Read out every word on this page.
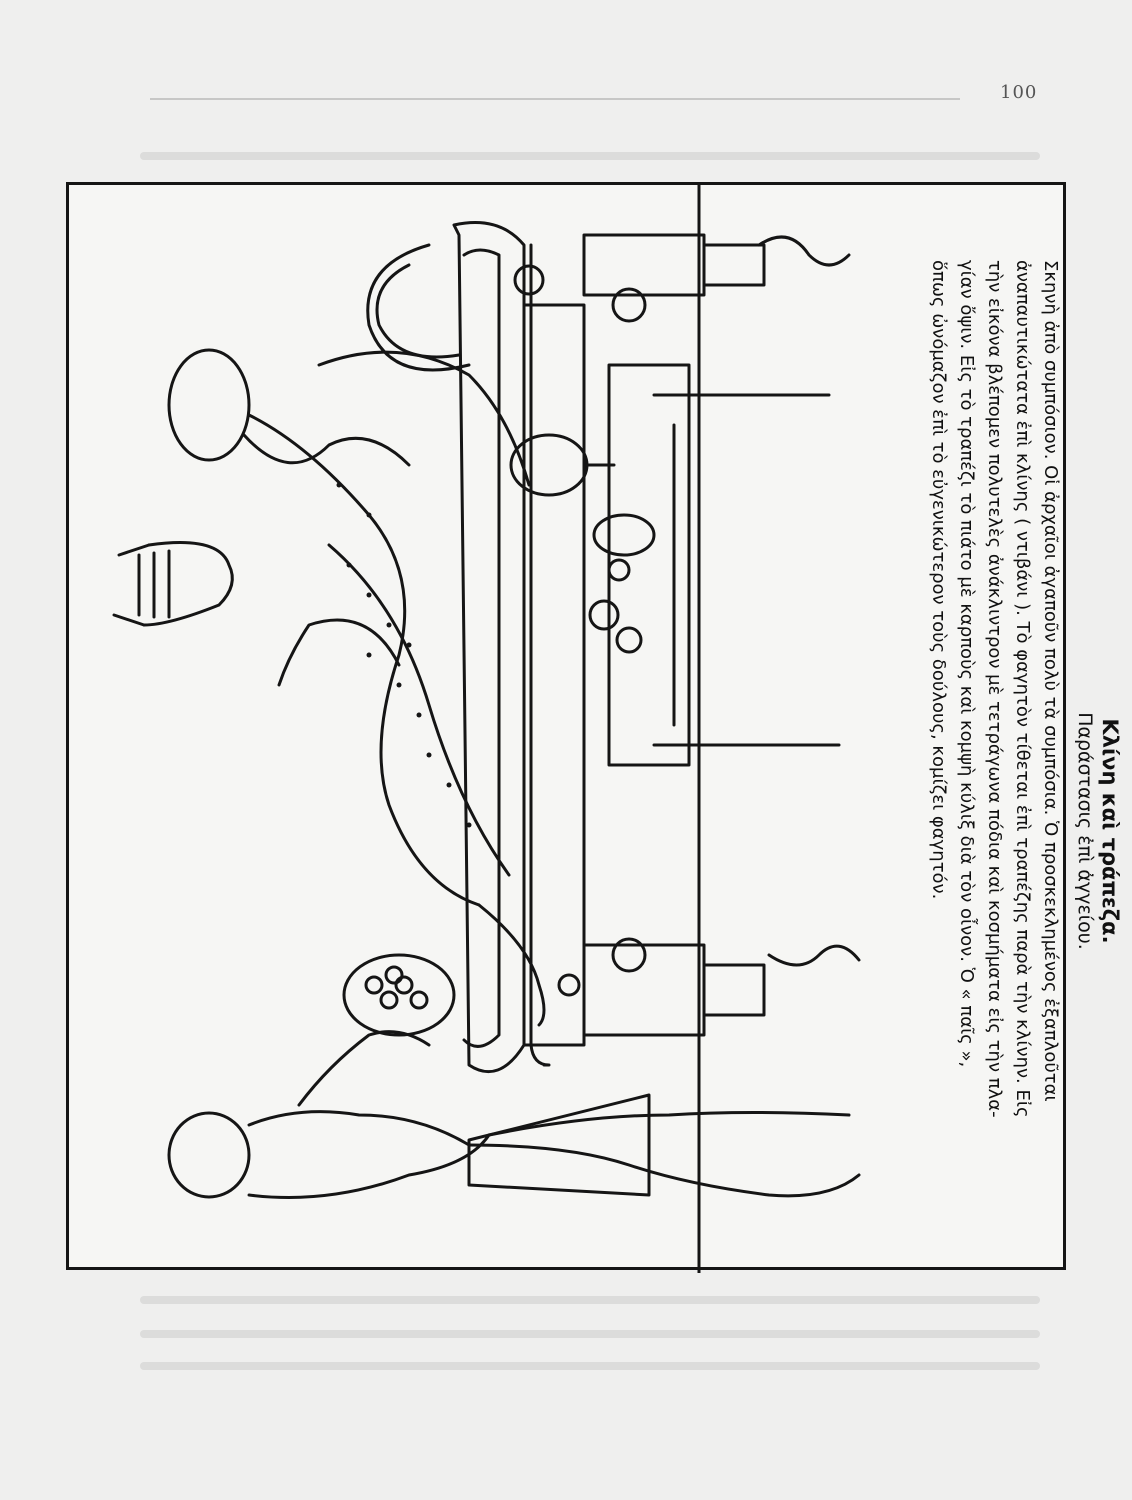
100
Κλίνη καὶ τράπεζα.
Παράστασις ἐπὶ ἀγγείου.

Σκηνὴ ἀπὸ συμπόσιον. Οἱ ἀρχαῖοι ἀγαποῦν πολὺ τὰ συμπόσια. Ὁ προσκεκλημένος ἐξαπλοῦται
ἀναπαυτικώτατα ἐπὶ κλίνης ( ντιβάνι ). Τὸ φαγητὸν τίθεται ἐπὶ τραπέζης παρὰ τὴν κλίνην. Εἰς
τὴν εἰκόνα βλέπομεν πολυτελὲς ἀνάκλιντρον μὲ τετράγωνα πόδια καὶ κοσμήματα εἰς τὴν πλα-
γίαν ὄψιν. Εἰς τὸ τραπέζι τὸ πιάτο μὲ καρποὺς καὶ κομψὴ κύλιξ διὰ τὸν οἶνον. Ὁ « παῖς »,
ὅπως ὠνόμαζον ἐπὶ τὸ εὐγενικώτερον τοὺς δούλους, κομίζει φαγητόν.
